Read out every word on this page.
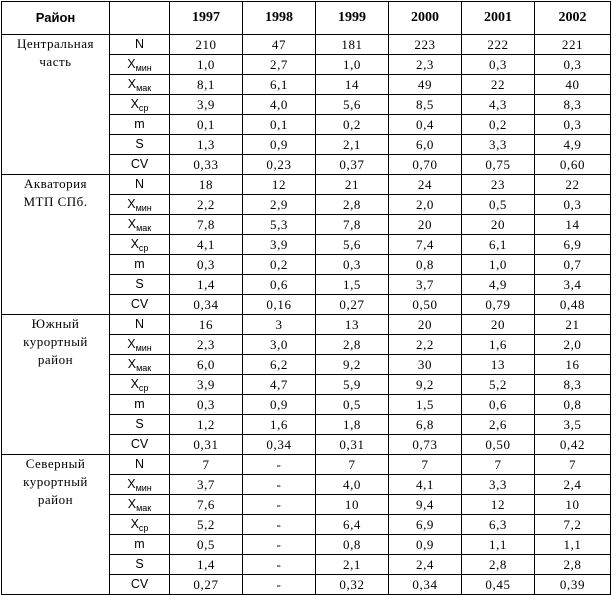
Район		1997	1998	1999	2000	2001	2002

Центральная
часть	N	210	47	181	223	222	221
	$X_{мин}$	1,0	2,7	1,0	2,3	0,3	0,3
	$X_{мак}$	8,1	6,1	14	49	22	40
	$X_{ср}$	3,9	4,0	5,6	8,5	4,3	8,3
	m	0,1	0,1	0,2	0,4	0,2	0,3
	S	1,3	0,9	2,1	6,0	3,3	4,9
	CV	0,33	0,23	0,37	0,70	0,75	0,60

Акватория
МТП СПб.	N	18	12	21	24	23	22
	$X_{мин}$	2,2	2,9	2,8	2,0	0,5	0,3
	$X_{мак}$	7,8	5,3	7,8	20	20	14
	$X_{ср}$	4,1	3,9	5,6	7,4	6,1	6,9
	m	0,3	0,2	0,3	0,8	1,0	0,7
	S	1,4	0,6	1,5	3,7	4,9	3,4
	CV	0,34	0,16	0,27	0,50	0,79	0,48

Южный
курортный
район	N	16	3	13	20	20	21
	$X_{мин}$	2,3	3,0	2,8	2,2	1,6	2,0
	$X_{мак}$	6,0	6,2	9,2	30	13	16
	$X_{ср}$	3,9	4,7	5,9	9,2	5,2	8,3
	m	0,3	0,9	0,5	1,5	0,6	0,8
	S	1,2	1,6	1,8	6,8	2,6	3,5
	CV	0,31	0,34	0,31	0,73	0,50	0,42

Северный
курортный
район	N	7	-	7	7	7	7
	$X_{мин}$	3,7	-	4,0	4,1	3,3	2,4
	$X_{мак}$	7,6	-	10	9,4	12	10
	$X_{ср}$	5,2	-	6,4	6,9	6,3	7,2
	m	0,5	-	0,8	0,9	1,1	1,1
	S	1,4	-	2,1	2,4	2,8	2,8
	CV	0,27	-	0,32	0,34	0,45	0,39
